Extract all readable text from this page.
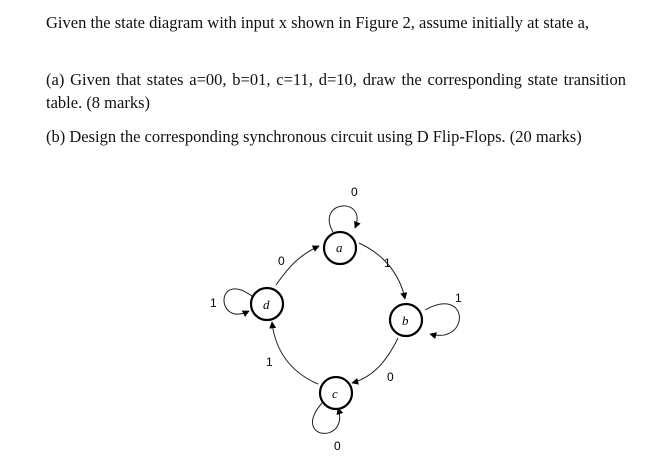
Given the state diagram with input x shown in Figure 2, assume initially at state a,

(a) Given that states a=00, b=01, c=11, d=10, draw the corresponding state transition table. (8 marks)

(b) Design the corresponding synchronous circuit using D Flip-Flops. (20 marks)

0
1
1
0
0
1
1
0
a
b
c
d
